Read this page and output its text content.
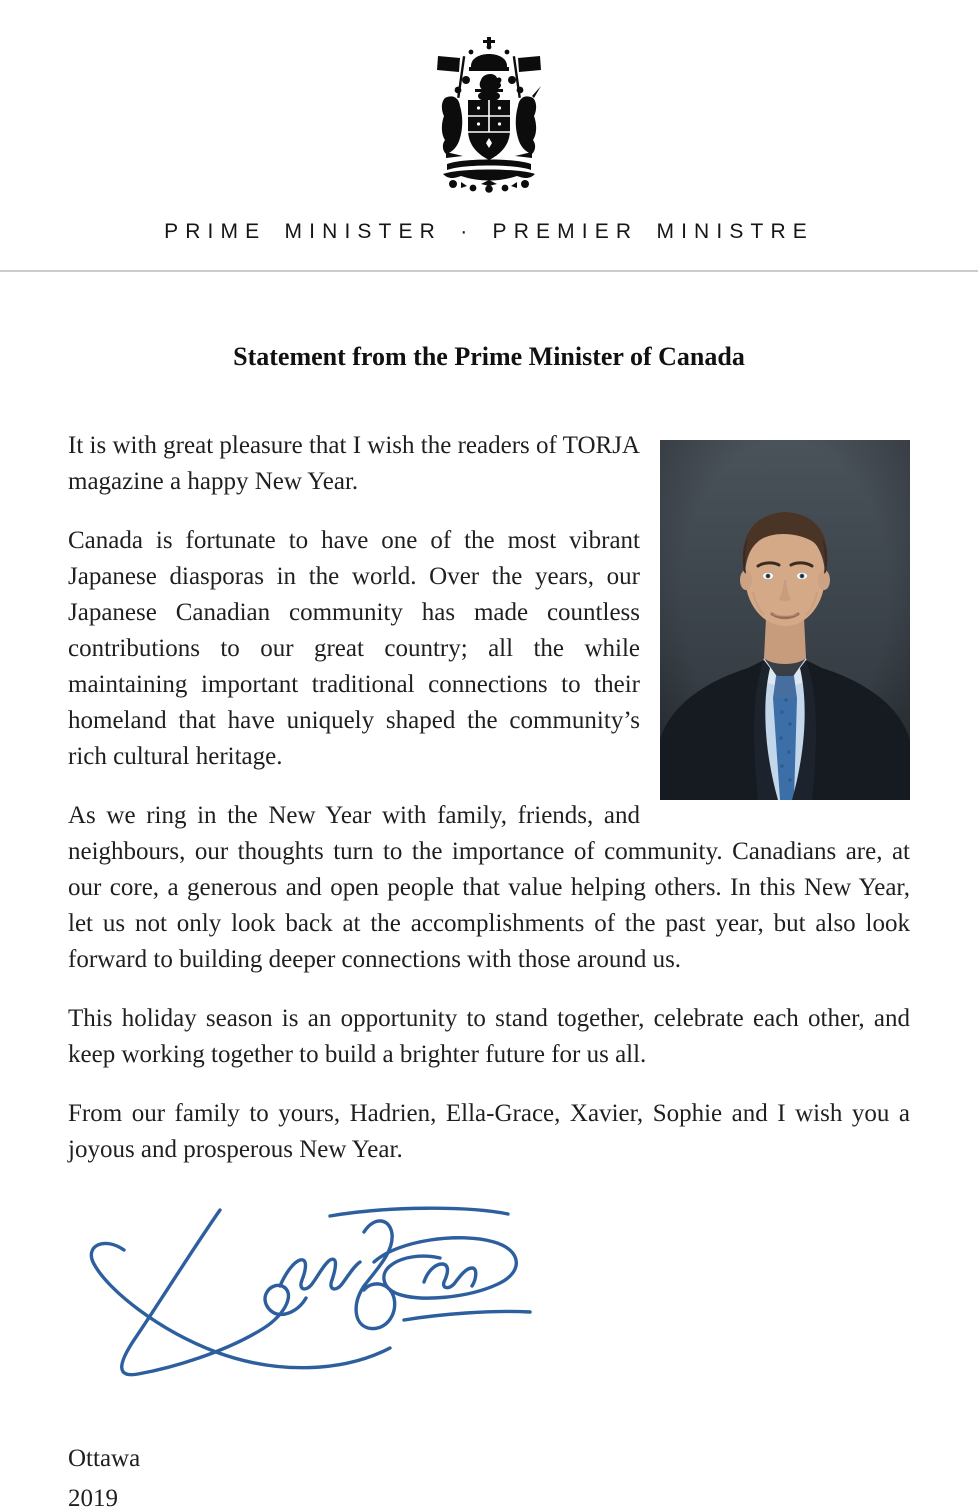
PRIME MINISTER · PREMIER MINISTRE
Statement from the Prime Minister of Canada

It is with great pleasure that I wish the readers of TORJA magazine a happy New Year.

Canada is fortunate to have one of the most vibrant Japanese diasporas in the world. Over the years, our Japanese Canadian community has made countless contributions to our great country; all the while maintaining important traditional connections to their homeland that have uniquely shaped the community’s rich cultural heritage.

As we ring in the New Year with family, friends, and neighbours, our thoughts turn to the importance of community. Canadians are, at our core, a generous and open people that value helping others. In this New Year, let us not only look back at the accomplishments of the past year, but also look forward to building deeper connections with those around us.

This holiday season is an opportunity to stand together, celebrate each other, and keep working together to build a brighter future for us all.

From our family to yours, Hadrien, Ella-Grace, Xavier, Sophie and I wish you a joyous and prosperous New Year.

Ottawa
2019
